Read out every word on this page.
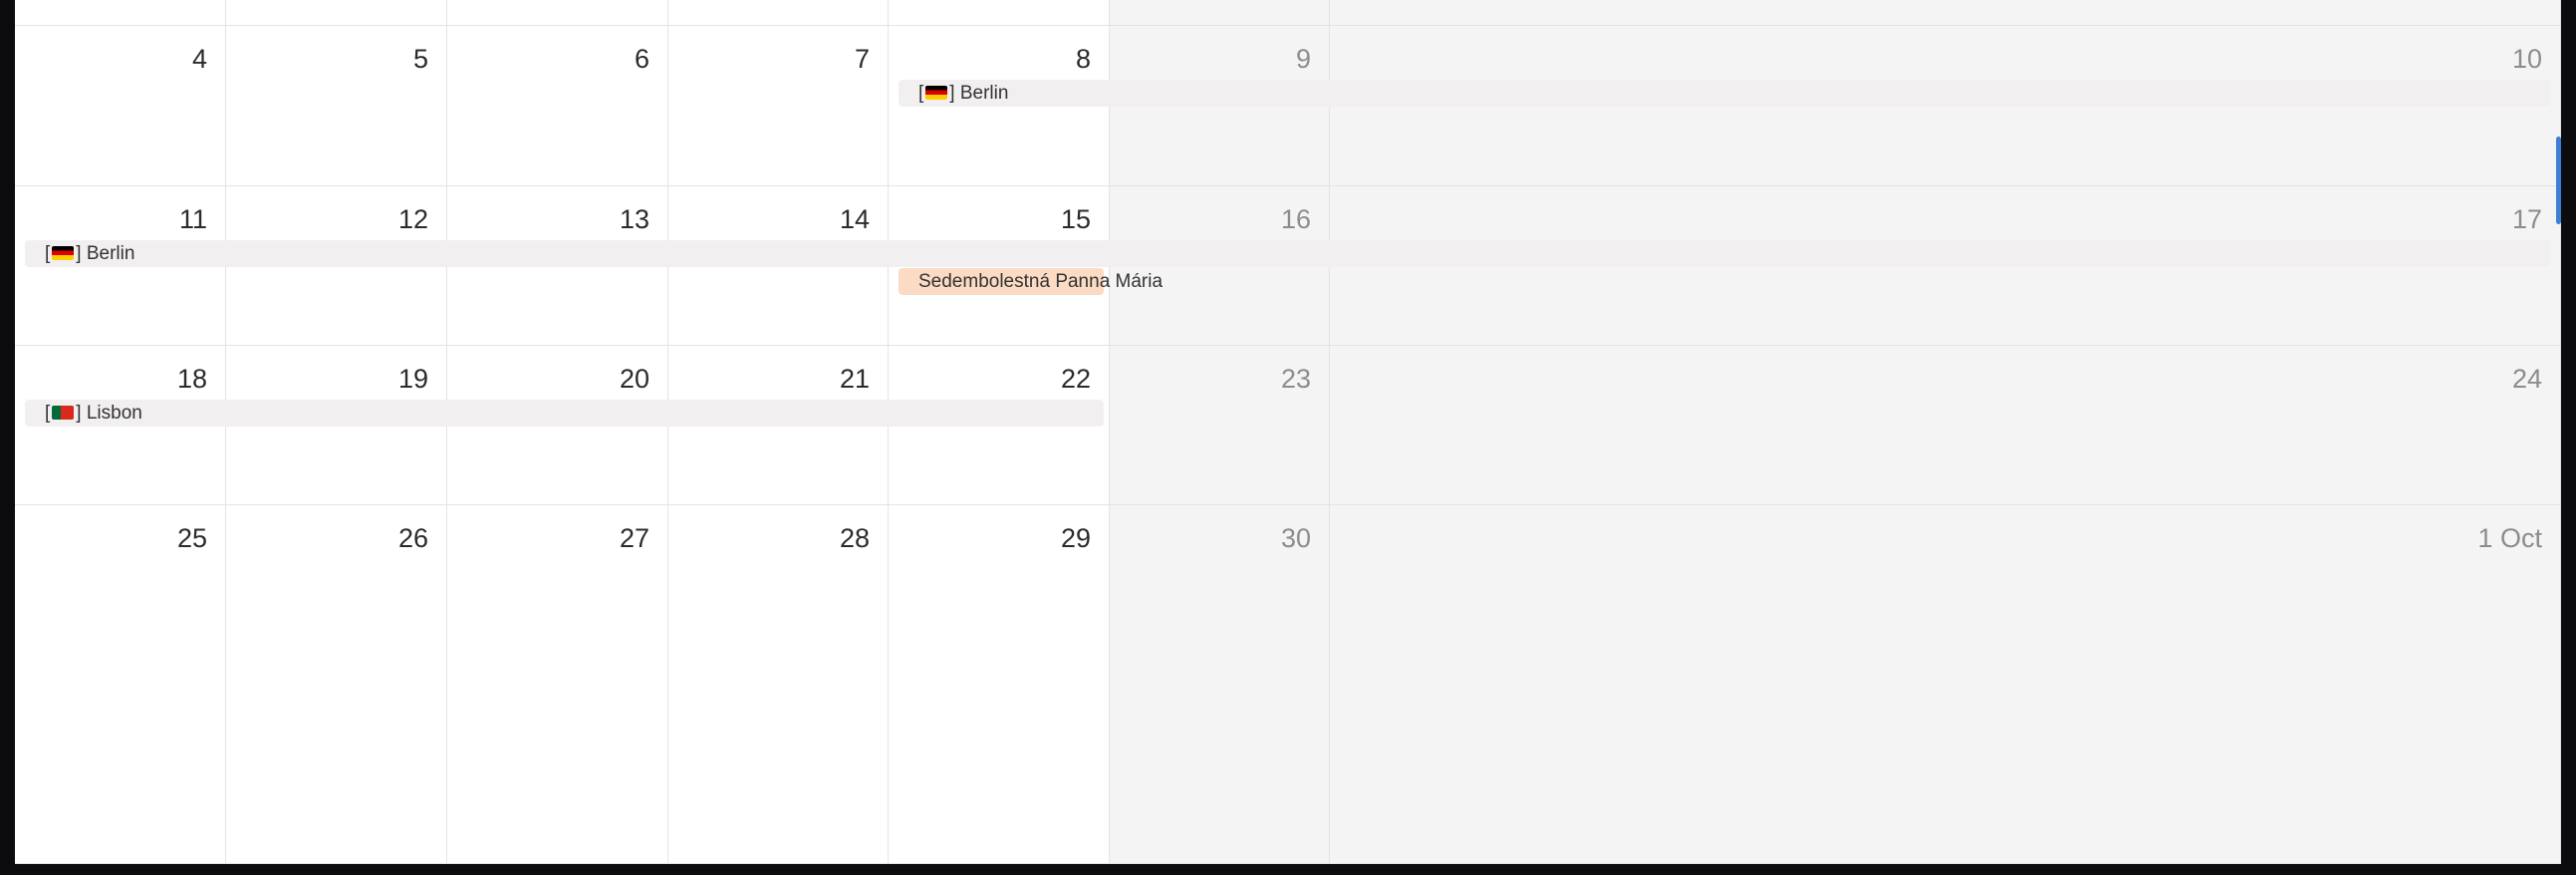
4	5	6	7	8	9	10
[ ] Berlin
11	12	13	14	15	16	17
[ ] Berlin
Sedembolestná Panna Mária
18	19	20	21	22	23	24
[ ] Lisbon
25	26	27	28	29	30	1 Oct
